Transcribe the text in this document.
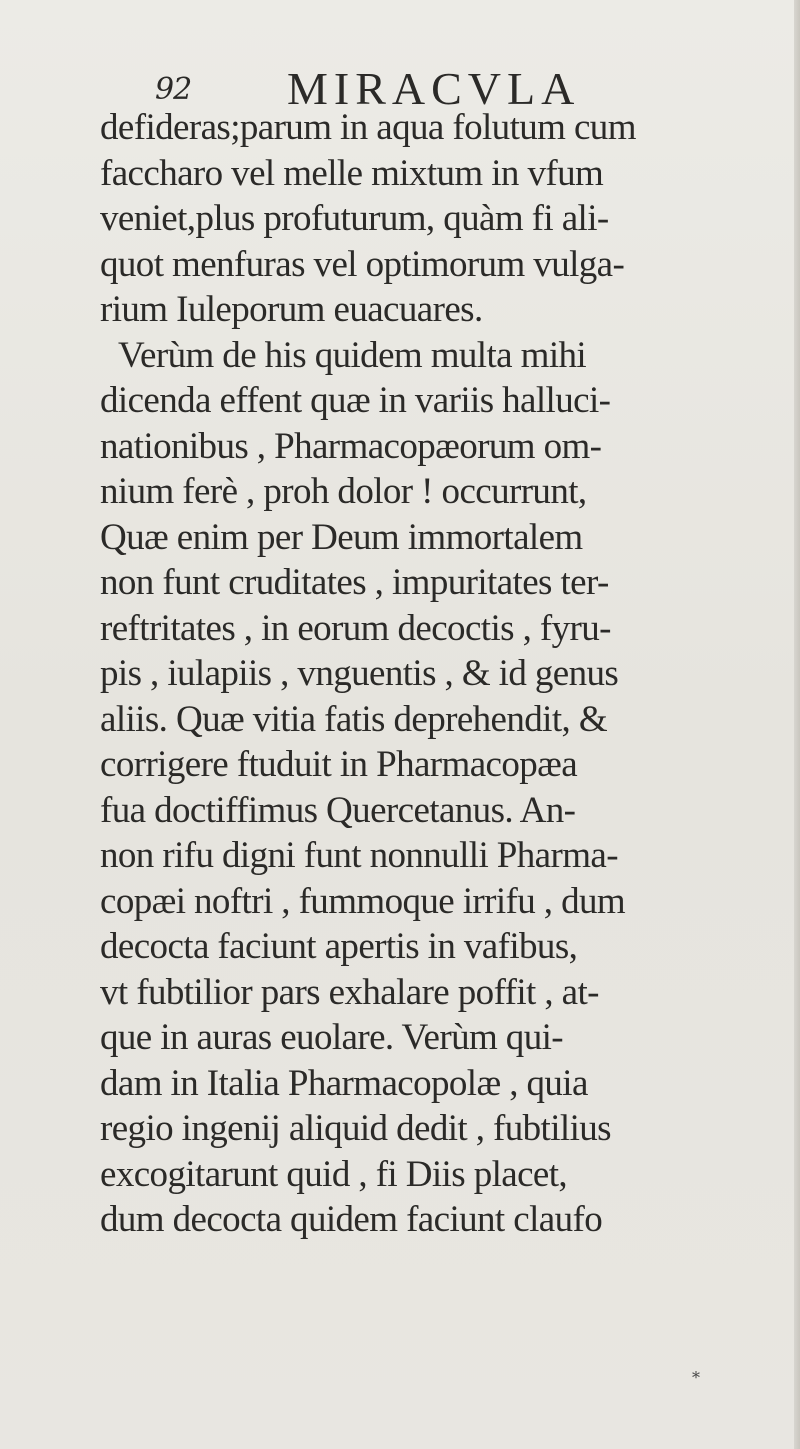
92 MIRACVLA
defideras;parum in aqua folutum cum
faccharo vel melle mixtum in vfum
veniet,plus profuturum, quàm fi ali-
quot menfuras vel optimorum vulga-
rium Iuleporum euacuares.
Verùm de his quidem multa mihi
dicenda effent quæ in variis halluci-
nationibus , Pharmacopæorum om-
nium ferè , proh dolor ! occurrunt,
Quæ enim per Deum immortalem
non funt cruditates , impuritates ter-
reftritates , in eorum decoctis , fyru-
pis , iulapiis , vnguentis , & id genus
aliis. Quæ vitia fatis deprehendit, &
corrigere ftuduit in Pharmacopæa
fua doctiffimus Quercetanus. An-
non rifu digni funt nonnulli Pharma-
copæi noftri , fummoque irrifu , dum
decocta faciunt apertis in vafibus,
vt fubtilior pars exhalare poffit , at-
que in auras euolare. Verùm qui-
dam in Italia Pharmacopolæ , quia
regio ingenij aliquid dedit , fubtilius
excogitarunt quid , fi Diis placet,
dum decocta quidem faciunt claufo
*
